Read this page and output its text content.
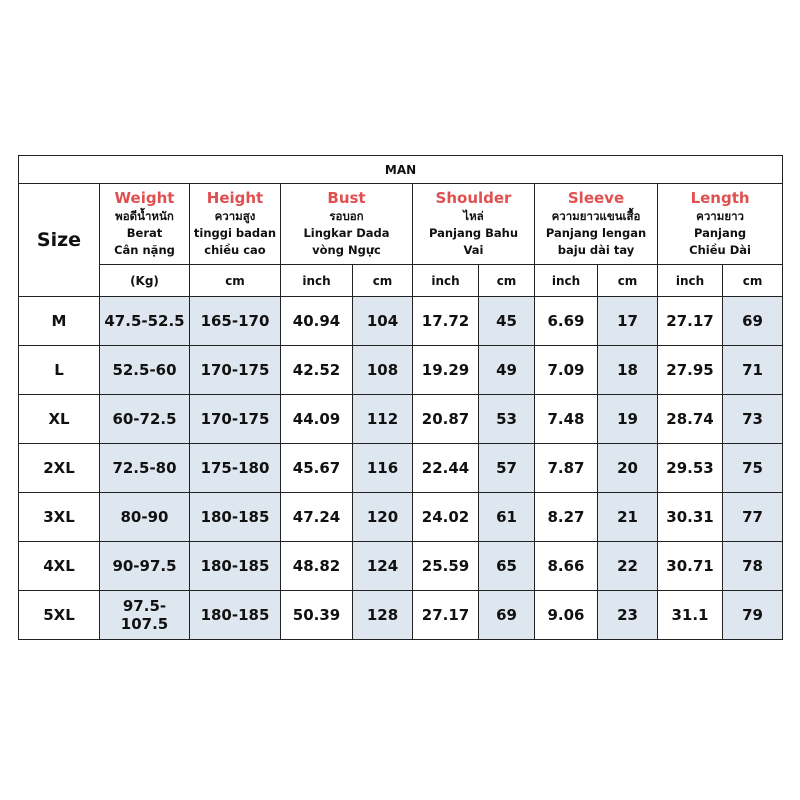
MAN										
Size	Weight
พอดีน้ำหนัก
Berat
Cân nặng	Height
ความสูง
tinggi badan
chiều cao	Bust
รอบอก
Lingkar Dada
vòng Ngực		Shoulder
ไหล่
Panjang Bahu
Vai		Sleeve
ความยาวแขนเสื้อ
Panjang lengan
baju dài tay		Length
ความยาว
Panjang
Chiều Dài	

	(Kg)	cm	inch	cm	inch	cm	inch	cm	inch	cm
M	47.5-52.5	165-170	40.94	104	17.72	45	6.69	17	27.17	69
L	52.5-60	170-175	42.52	108	19.29	49	7.09	18	27.95	71
XL	60-72.5	170-175	44.09	112	20.87	53	7.48	19	28.74	73
2XL	72.5-80	175-180	45.67	116	22.44	57	7.87	20	29.53	75
3XL	80-90	180-185	47.24	120	24.02	61	8.27	21	30.31	77
4XL	90-97.5	180-185	48.82	124	25.59	65	8.66	22	30.71	78
5XL	97.5-107.5	180-185	50.39	128	27.17	69	9.06	23	31.1	79
